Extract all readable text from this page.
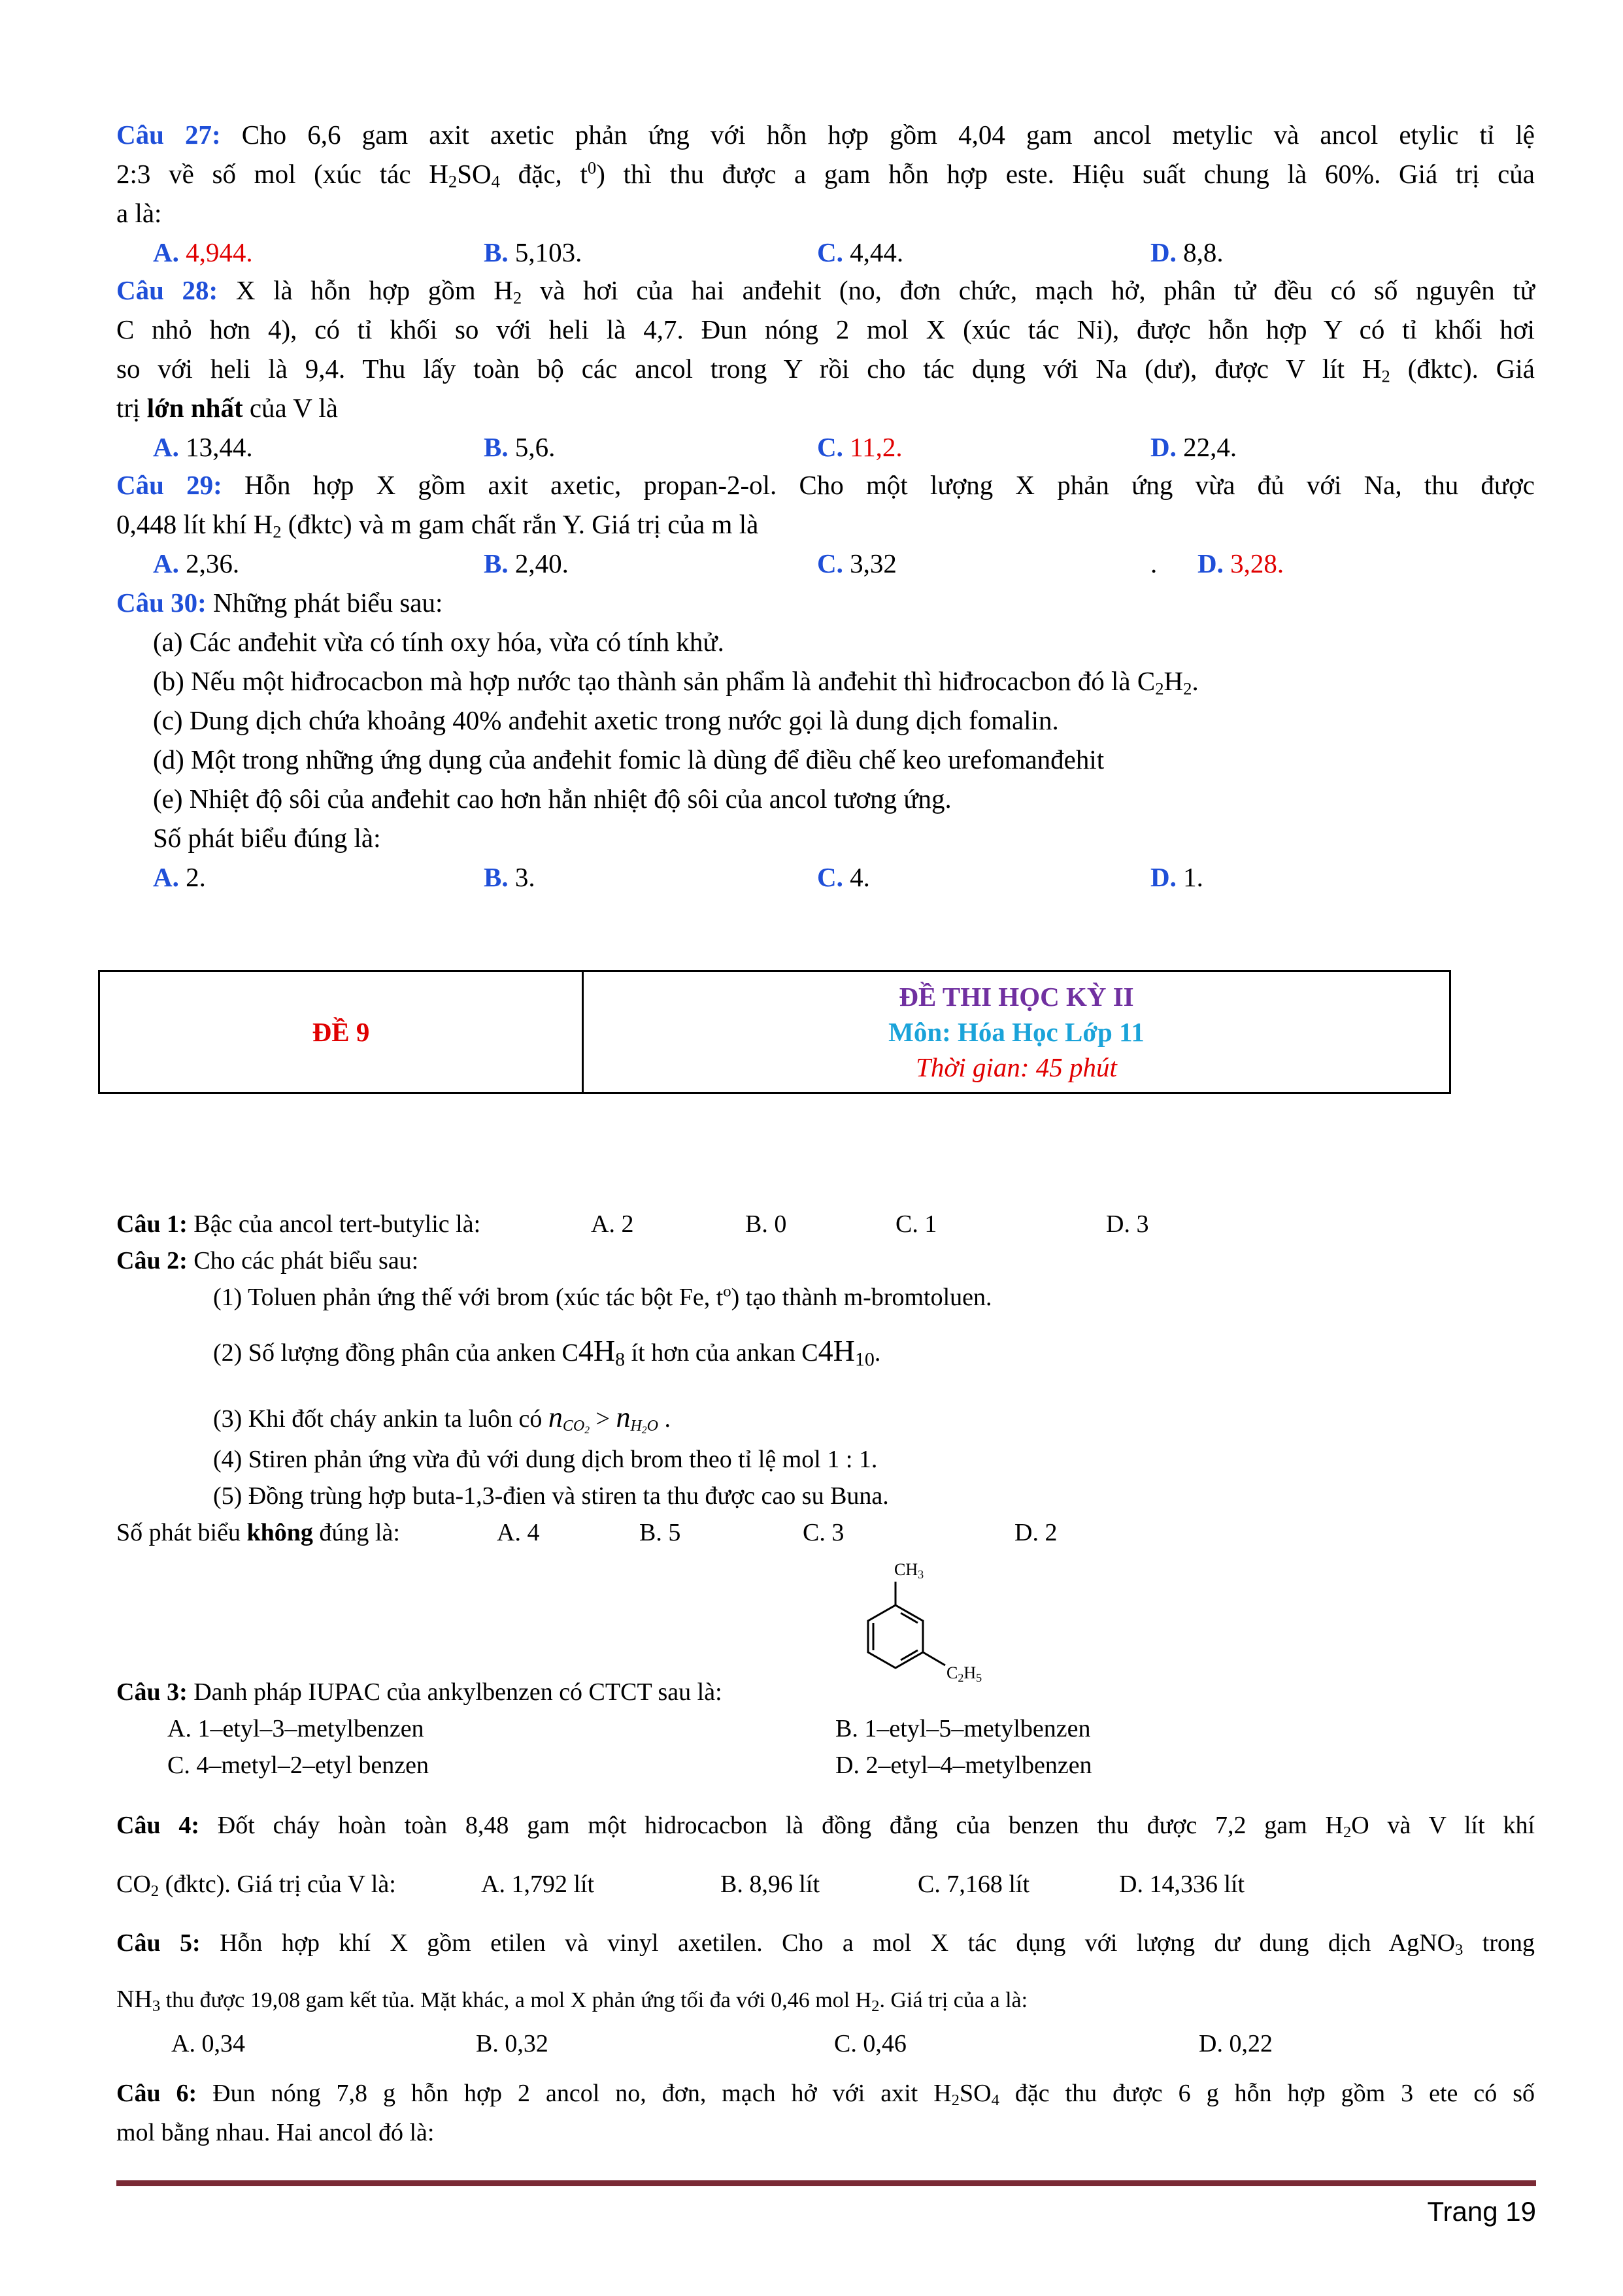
Câu 27: Cho 6,6 gam axit axetic phản ứng với hỗn hợp gồm 4,04 gam ancol metylic và ancol etylic tỉ lệ
2:3 về số mol (xúc tác $H_2SO_4$ đặc, $t^0$) thì thu được a gam hỗn hợp este. Hiệu suất chung là 60%. Giá trị của
a là:
A. 4,944.	B. 5,103.	C. 4,44.	D. 8,8.
Câu 28: X là hỗn hợp gồm $H_2$ và hơi của hai anđehit (no, đơn chức, mạch hở, phân tử đều có số nguyên tử
C nhỏ hơn 4), có tỉ khối so với heli là 4,7. Đun nóng 2 mol X (xúc tác Ni), được hỗn hợp Y có tỉ khối hơi
so với heli là 9,4. Thu lấy toàn bộ các ancol trong Y rồi cho tác dụng với Na (dư), được V lít $H_2$ (đktc). Giá
trị lớn nhất của V là
A. 13,44.	B. 5,6.	C. 11,2.	D. 22,4.
Câu 29: Hỗn hợp X gồm axit axetic, propan-2-ol. Cho một lượng X phản ứng vừa đủ với Na, thu được
0,448 lít khí $H_2$ (đktc) và m gam chất rắn Y. Giá trị của m là
A. 2,36.	B. 2,40.	C. 3,32	. D. 3,28.
Câu 30: Những phát biểu sau:
(a) Các anđehit vừa có tính oxy hóa, vừa có tính khử.
(b) Nếu một hiđrocacbon mà hợp nước tạo thành sản phẩm là anđehit thì hiđrocacbon đó là $C_2H_2$.
(c) Dung dịch chứa khoảng 40% anđehit axetic trong nước gọi là dung dịch fomalin.
(d) Một trong những ứng dụng của anđehit fomic là dùng để điều chế keo urefomanđehit
(e) Nhiệt độ sôi của anđehit cao hơn hẳn nhiệt độ sôi của ancol tương ứng.
Số phát biểu đúng là:
A. 2.	B. 3.	C. 4.	D. 1.
ĐỀ 9	
ĐỀ THI HỌC KỲ II
Môn: Hóa Học Lớp 11
Thời gian: 45 phút
Câu 1: Bậc của ancol tert-butylic là:	A. 2	B. 0	C. 1	D. 3
Câu 2: Cho các phát biểu sau:
(1) Toluen phản ứng thế với brom (xúc tác bột Fe, $t^o$) tạo thành m-bromtoluen.
(2) Số lượng đồng phân của anken $C4H_8$ ít hơn của ankan $C4H_{10}$.
(3) Khi đốt cháy ankin ta luôn có $n_{CO_2} > n_{H_2O}$ .
(4) Stiren phản ứng vừa đủ với dung dịch brom theo tỉ lệ mol 1 : 1.
(5) Đồng trùng hợp buta-1,3-đien và stiren ta thu được cao su Buna.
Số phát biểu không đúng là:	A. 4	B. 5	C. 3	D. 2
CH3
C2H5
Câu 3: Danh pháp IUPAC của ankylbenzen có CTCT sau là:
A. 1–etyl–3–metylbenzen	B. 1–etyl–5–metylbenzen
C. 4–metyl–2–etyl benzen	D. 2–etyl–4–metylbenzen
Câu 4: Đốt cháy hoàn toàn 8,48 gam một hidrocacbon là đồng đẳng của benzen thu được 7,2 gam $H_2O$ và V lít khí
$CO_2$ (đktc). Giá trị của V là:	A. 1,792 lít	B. 8,96 lít	C. 7,168 lít	D. 14,336 lít
Câu 5: Hỗn hợp khí X gồm etilen và vinyl axetilen. Cho a mol X tác dụng với lượng dư dung dịch AgNO$_3$ trong
$NH_3$ thu được 19,08 gam kết tủa. Mặt khác, a mol X phản ứng tối đa với 0,46 mol $H_2$. Giá trị của a là:
A. 0,34	B. 0,32	C. 0,46	D. 0,22
Câu 6: Đun nóng 7,8 g hỗn hợp 2 ancol no, đơn, mạch hở với axit $H_2SO_4$ đặc thu được 6 g hỗn hợp gồm 3 ete có số
mol bằng nhau. Hai ancol đó là:
Trang 19
